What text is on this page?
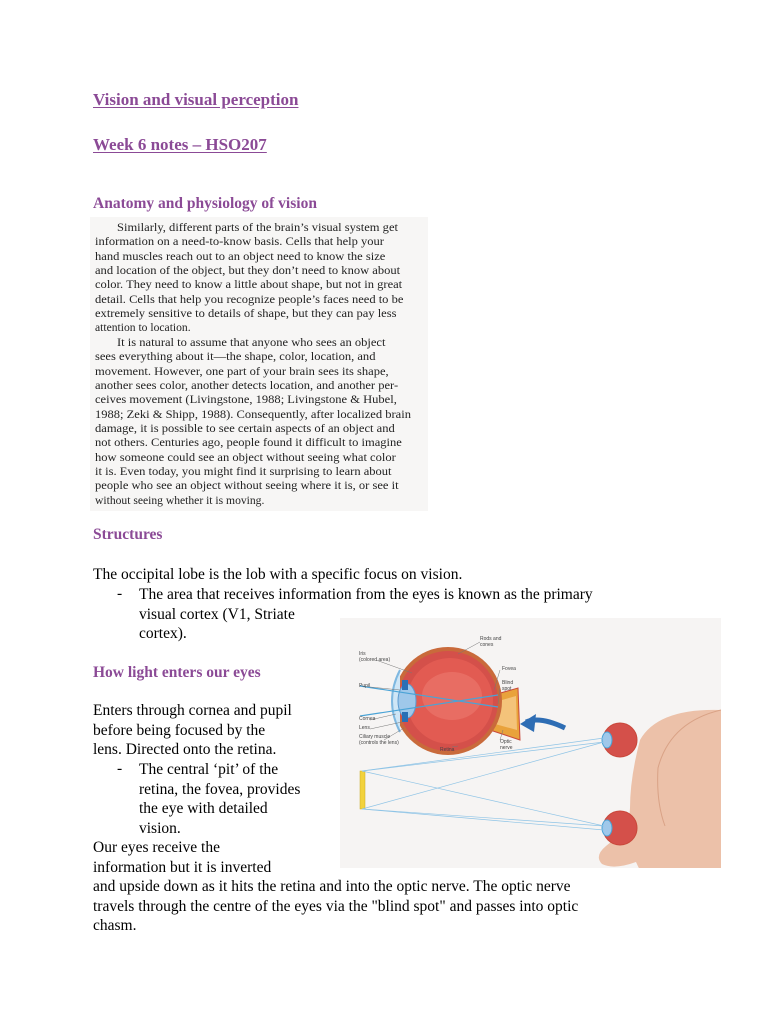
Vision and visual perception
Week 6 notes – HSO207
Anatomy and physiology of vision
Similarly, different parts of the brain’s visual system get
information on a need-to-know basis. Cells that help your
hand muscles reach out to an object need to know the size
and location of the object, but they don’t need to know about
color. They need to know a little about shape, but not in great
detail. Cells that help you recognize people’s faces need to be
extremely sensitive to details of shape, but they can pay less
attention to location.
It is natural to assume that anyone who sees an object
sees everything about it—the shape, color, location, and
movement. However, one part of your brain sees its shape,
another sees color, another detects location, and another per-
ceives movement (Livingstone, 1988; Livingstone & Hubel,
1988; Zeki & Shipp, 1988). Consequently, after localized brain
damage, it is possible to see certain aspects of an object and
not others. Centuries ago, people found it difficult to imagine
how someone could see an object without seeing what color
it is. Even today, you might find it surprising to learn about
people who see an object without seeing where it is, or see it
without seeing whether it is moving.
Structures
The occipital lobe is the lob with a specific focus on vision.
- The area that receives information from the eyes is known as the primary
visual cortex (V1, Striate
cortex).
How light enters our eyes
Enters through cornea and pupil
before being focused by the
lens. Directed onto the retina.
- The central ‘pit’ of the
retina, the fovea, provides
the eye with detailed
vision.
Our eyes receive the
information but it is inverted
and upside down as it hits the retina and into the optic nerve. The optic nerve
travels through the centre of the eyes via the "blind spot" and passes into optic
chasm.
Iris
(colored area)
Pupil
Cornea
Lens
Ciliary muscle
(controls the lens)
Retina
Rods and
cones
Fovea
Blind
spot
Optic
nerve
